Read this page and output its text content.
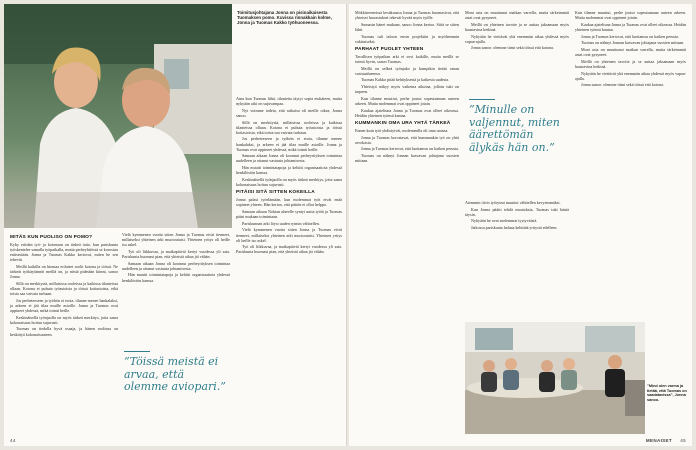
Toimitusjohtajana Jonna on pisinaikaisesta Tuomaksen pomo. Kuvissa rinnakkain kolme, Jonna ja Tuomas Kakko työhuoneessa.
MITÄS KUN PUOLISO ON POMO?

Kyky erittäin työ- ja kotonaan on tärkeä taito, kun pariskunta työskentelee samalla työpaikalla, mutta perheyhtiössä se korostuu entisestään. Jonna ja Tuomas Kakko kertovat, miten he sen tekevät.

Meillä kaikilla on hiomaa erilaiset roolit kotona ja töissä. Ne tärkeät työkäytännöt meillä on, ja niistä pidetään kiinni, sanoo Jonna.

Sillä on merkitystä, millaisissa rooleissa ja kaikissa tilanteissa ollaan. Kotona ei puhuta työasioista ja töissä kotiasioista, eikä toista saa vaivata turhaan.

Jos perheteeseen ja työhön ei erota, tilanne menee hankalaksi, ja arkeen ei jää tilaa muille asioille. Jonna ja Tuomas ovat oppineet yhdessä, mikä toimii heille.

Keskinäisellä työnjaolla on myös tärkeä merkitys, jotta sama kokonaisuus hoituu sujuvasti.

Tuomas on tiedolla hyvä osaaja, ja hänen roolinsa on keskittyä kokonaisuuteen.

Vielä kymmenen vuotta sitten Jonna ja Tuomas eivät tienneet, millaiseksi yhteinen arki muotoutuisi. Yhteinen yritys oli heille iso askel.

Työ oli liikkuvaa, ja matkapäiviä kertyi vuodessa yli sata. Pariskunta huomasi pian, että yhteistä aikaa jäi vähän.

Samaan aikaan Jonna oli koonnut perheyrityksen toimintaa uudelleen ja ottanut vastuuta johtamisesta.

Hän muutti toimintatapoja ja kehitti organisaatiota yhdessä henkilöstön kanssa.

Aina kun Tuomas lähti, tilanteita täytyi sopia etukäteen, mutta nykyään arki on sujuvampaa.

Nyt voimme todeta, että ratkaisu oli meille oikea, Jonna sanoo.

Sillä on merkitystä, millaisissa rooleissa ja kaikissa tilanteissa ollaan. Kotona ei puhuta työasioista ja töissä kotiasioista, eikä toista saa vaivata turhaan.

Jos perheteeseen ja työhön ei erota, tilanne menee hankalaksi, ja arkeen ei jää tilaa muille asioille. Jonna ja Tuomas ovat oppineet yhdessä, mikä toimii heille.

Samaan aikaan Jonna oli koonnut perheyrityksen toimintaa uudelleen ja ottanut vastuuta johtamisesta.

Hän muutti toimintatapoja ja kehitti organisaatiota yhdessä henkilöstön kanssa.

Keskinäisellä työnjaolla on myös tärkeä merkitys, jotta sama kokonaisuus hoituu sujuvasti.

PITÄISI SITÄ SITTEN KOKEILLA

Jonna palasi työelämään, kun molemmat työt eivät enää sopineet yhteen. Hän kertoo, että päätös ei ollut helppo.

Samaan aikaan Nokian alueelle syntyi uutta työtä ja Tuomas pääsi mukaan toimintaan.

Pariskunnan arki löysi uuden rytmin vähitellen.

Vielä kymmenen vuotta sitten Jonna ja Tuomas eivät tienneet, millaiseksi yhteinen arki muotoutuisi. Yhteinen yritys oli heille iso askel.

Työ oli liikkuvaa, ja matkapäiviä kertyi vuodessa yli sata. Pariskunta huomasi pian, että yhteistä aikaa jäi vähän.

”Töissä meistä ei arvaa, että olemme aviopari.”
44

Mökkitreeneissä kesäkuussa Jonna ja Tuomas huomasivat, että yhteiset harrastukset tekevät hyvää myös työlle.

Sumasin hänet mukaan, sanoo Jonna kertoo. Siitä se sitten lähti.

Tuomas tuli taloon ensin projektiin ja myöhemmin vakituiseksi.

PARHAAT PUOLET YHTEEN

Tavallisen työpaikan arki ei sovi kaikille, mutta meillä se toimii hyvin, sanoo Tuomas.

Meillä on selkeä työnjako ja kumpikin tietää oman vastuualueensa.

Tuomas Kakko pitää kehityksestä ja kaikesta uudesta.

Yhteistyö näkyy myös vaikeina aikoina, jolloin tuki on tarpeen.

Kun tilanne muuttui, perhe joutui sopeutumaan uuteen arkeen. Mutta molemmat ovat oppineet jotain.

Kaukaa ajateltuna Jonna ja Tuomas ovat olleet oikeassa. Heidän yhteinen työnsä kantaa.

KUMMANKIN OMA URA YHTÄ TÄRKEÄ

Ennen kuin työt yhdistyivät, molemmilla oli oma uransa.

Jonna ja Tuomas korostavat, että kummankin työ on yhtä arvokasta.

Jonna ja Tuomas kertovat, että luottamus on kaiken perusta.

Tuomas on nähnyt Jonnan kasvavan johtajana vuosien mittaan.

Moni asia on muuttunut matkan varrella, mutta tärkeimmät asiat ovat pysyneet.

Meillä on yhteinen tavoite ja se auttaa jaksamaan myös haastavina hetkinä.

Nykyään he viettävät yhä enemmän aikaa yhdessä myös vapaa-ajalla.

Jonna sanoo: olemme tiimi sekä töissä että kotona.

”Minulle on valjennut, miten äärettömän älykäs hän on.”

Aiemmin tiivis työrytmi muuttui vähitellen kevyemmäksi.

Kun Jonna päätti tehdä muutoksia, Tuomas tuki häntä täysin.

Nykyään he ovat molemmat tyytyväisiä.

Jatkossa pariskunta haluaa kehittää yritystä edelleen.

Kun tilanne muuttui, perhe joutui sopeutumaan uuteen arkeen. Mutta molemmat ovat oppineet jotain.

Kaukaa ajateltuna Jonna ja Tuomas ovat olleet oikeassa. Heidän yhteinen työnsä kantaa.

Jonna ja Tuomas kertovat, että luottamus on kaiken perusta.

Tuomas on nähnyt Jonnan kasvavan johtajana vuosien mittaan.

Moni asia on muuttunut matkan varrella, mutta tärkeimmät asiat ovat pysyneet.

Meillä on yhteinen tavoite ja se auttaa jaksamaan myös haastavina hetkinä.

Nykyään he viettävät yhä enemmän aikaa yhdessä myös vapaa-ajalla.

Jonna sanoo: olemme tiimi sekä töissä että kotona.

”Mind olen varma ja tietää, että Tuomas on saadatavissa”, Jonna sanoo.
MENAISET 45
